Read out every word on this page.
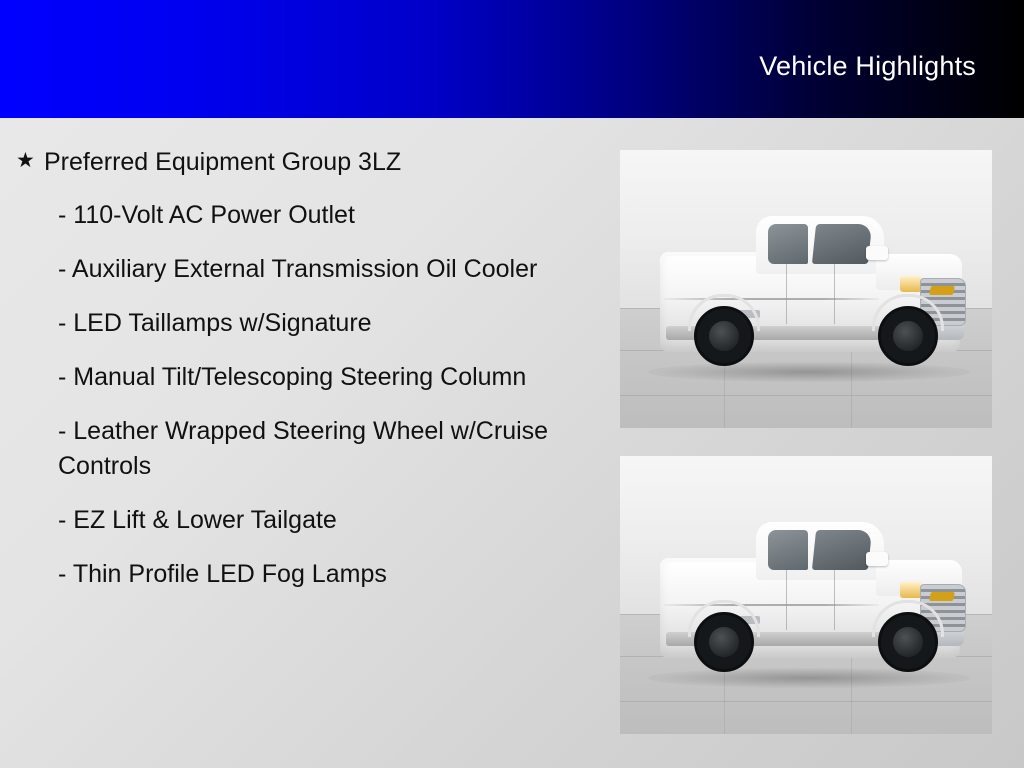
Vehicle Highlights
★ Preferred Equipment Group 3LZ
- 110-Volt AC Power Outlet
- Auxiliary External Transmission Oil Cooler
- LED Taillamps w/Signature
- Manual Tilt/Telescoping Steering Column
- Leather Wrapped Steering Wheel w/Cruise Controls
- EZ Lift & Lower Tailgate
- Thin Profile LED Fog Lamps
